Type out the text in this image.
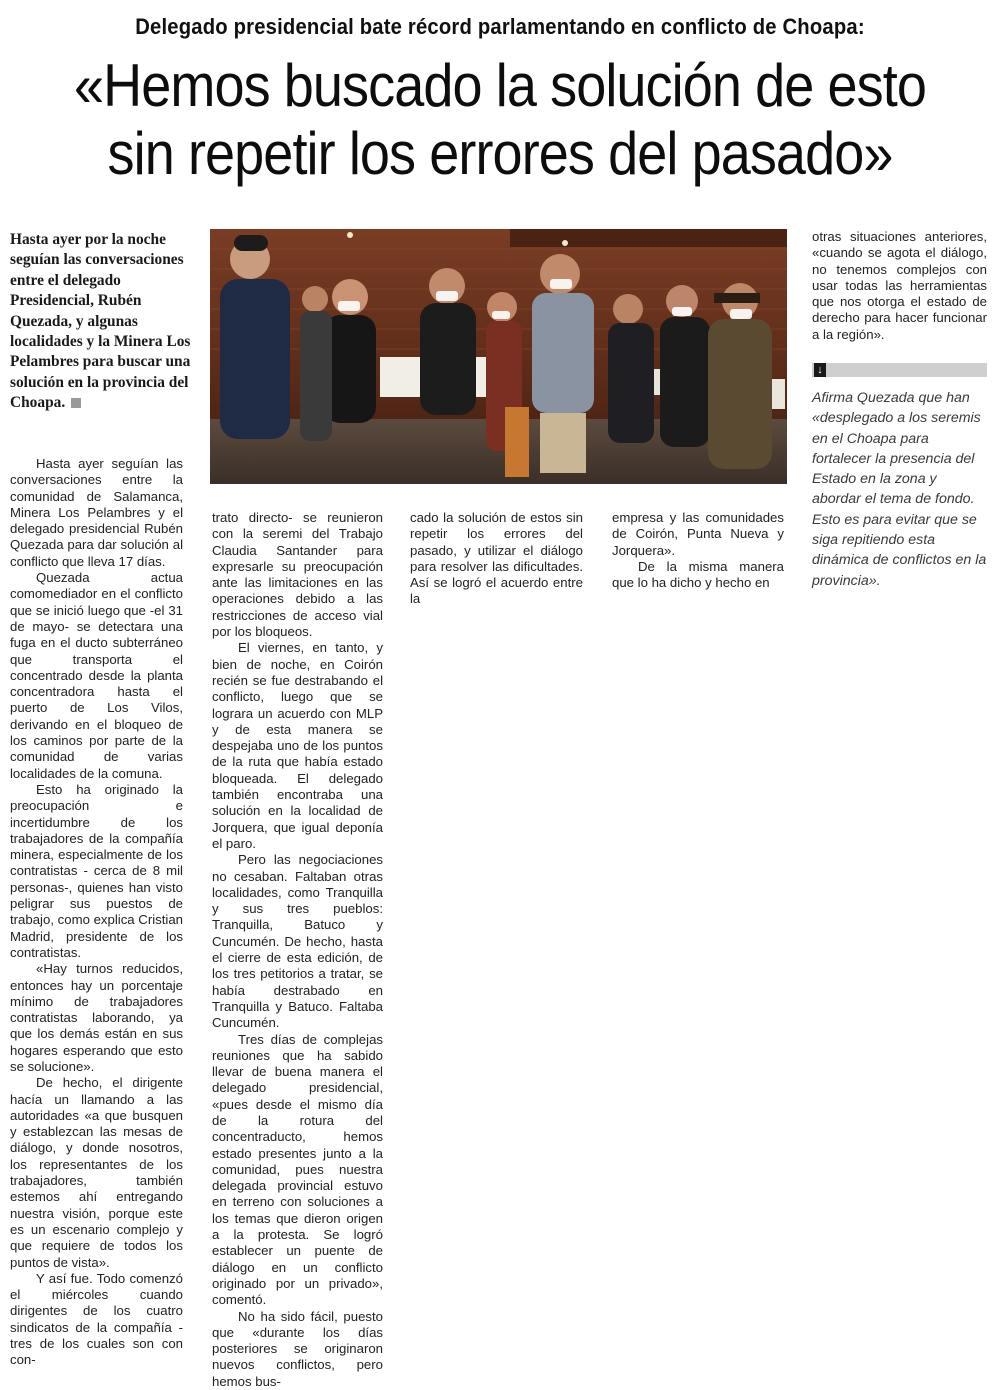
Delegado presidencial bate récord parlamentando en conflicto de Choapa:
«Hemos buscado la solución de esto
sin repetir los errores del pasado»
Hasta ayer por la noche seguían las conversaciones entre el delegado Presidencial, Rubén Quezada, y algunas localidades y la Minera Los Pelambres para buscar una solución en la provincia del Choapa.

Hasta ayer seguían las conversaciones entre la comunidad de Salamanca, Minera Los Pelambres y el delegado presidencial Rubén Quezada para dar solución al conflicto que lleva 17 días.

Quezada actua comomediador en el conflicto que se inició luego que -el 31 de mayo- se detectara una fuga en el ducto subterráneo que transporta el concentrado desde la planta concentradora hasta el puerto de Los Vilos, derivando en el bloqueo de los caminos por parte de la comunidad de varias localidades de la comuna.

Esto ha originado la preocupación e incertidumbre de los trabajadores de la compañía minera, especialmente de los contratistas - cerca de 8 mil personas-, quienes han visto peligrar sus puestos de trabajo, como explica Cristian Madrid, presidente de los contratistas.

«Hay turnos reducidos, entonces hay un porcentaje mínimo de trabajadores contratistas laborando, ya que los demás están en sus hogares esperando que esto se solucione».

De hecho, el dirigente hacía un llamando a las autoridades «a que busquen y establezcan las mesas de diálogo, y donde nosotros, los representantes de los trabajadores, también estemos ahí entregando nuestra visión, porque este es un escenario complejo y que requiere de todos los puntos de vista».

Y así fue. Todo comenzó el miércoles cuando dirigentes de los cuatro sindicatos de la compañía -tres de los cuales son con con-

trato directo- se reunieron con la seremi del Trabajo Claudia Santander para expresarle su preocupación ante las limitaciones en las operaciones debido a las restricciones de acceso vial por los bloqueos.

El viernes, en tanto, y bien de noche, en Coirón recién se fue destrabando el conflicto, luego que se lograra un acuerdo con MLP y de esta manera se despejaba uno de los puntos de la ruta que había estado bloqueada. El delegado también encontraba una solución en la localidad de Jorquera, que igual deponía el paro.

Pero las negociaciones no cesaban. Faltaban otras localidades, como Tranquilla y sus tres pueblos: Tranquilla, Batuco y Cuncumén. De hecho, hasta el cierre de esta edición, de los tres petitorios a tratar, se había destrabado en Tranquilla y Batuco. Faltaba Cuncumén.

Tres días de complejas reuniones que ha sabido llevar de buena manera el delegado presidencial, «pues desde el mismo día de la rotura del concentraducto, hemos estado presentes junto a la comunidad, pues nuestra delegada provincial estuvo en terreno con soluciones a los temas que dieron origen a la protesta. Se logró establecer un puente de diálogo en un conflicto originado por un privado», comentó.

No ha sido fácil, puesto que «durante los días posteriores se originaron nuevos conflictos, pero hemos bus-

cado la solución de estos sin repetir los errores del pasado, y utilizar el diálogo para resolver las dificultades. Así se logró el acuerdo entre la

empresa y las comunidades de Coirón, Punta Nueva y Jorquera».

De la misma manera que lo ha dicho y hecho en

otras situaciones anteriores, «cuando se agota el diálogo, no tenemos complejos con usar todas las herramientas que nos otorga el estado de derecho para hacer funcionar a la región».

↓
Afirma Quezada que han «desplegado a los seremis en el Choapa para fortalecer la presencia del Estado en la zona y abordar el tema de fondo. Esto es para evitar que se siga repitiendo esta dinámica de conflictos en la provincia».
